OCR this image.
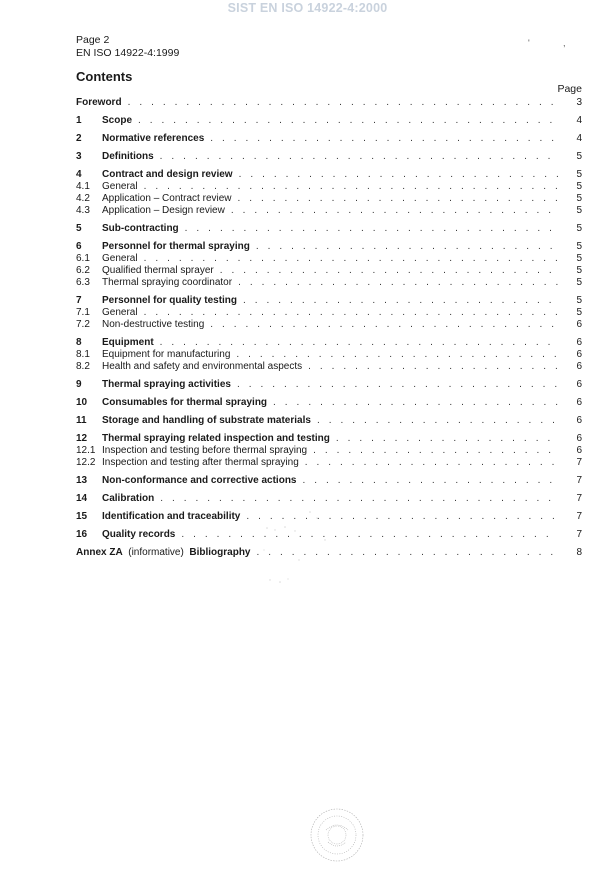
SIST EN ISO 14922-4:2000
Page 2
EN ISO 14922-4:1999
'	,
Contents
Page
Foreword . . .	3
1	Scope . . .	4
2	Normative references . . .	4
3	Definitions . . .	5
4	Contract and design review . . .	5
4.1	General . . .	5
4.2	Application – Contract review . . .	5
4.3	Application – Design review . . .	5
5	Sub-contracting . . .	5
6	Personnel for thermal spraying . . .	5
6.1	General . . .	5
6.2	Qualified thermal sprayer . . .	5
6.3	Thermal spraying coordinator . . .	5
7	Personnel for quality testing . . .	5
7.1	General . . .	5
7.2	Non-destructive testing . . .	6
8	Equipment . . .	6
8.1	Equipment for manufacturing . . .	6
8.2	Health and safety and environmental aspects . . .	6
9	Thermal spraying activities . . .	6
10	Consumables for thermal spraying . . .	6
11	Storage and handling of substrate materials . . .	6
12	Thermal spraying related inspection and testing . . .	6
12.1 Inspection and testing before thermal spraying . . .	6
12.2 Inspection and testing after thermal spraying . . .	7
13	Non-conformance and corrective actions . . .	7
14	Calibration . . .	7
15	Identification and traceability . . .	7
16	Quality records . . .	7
Annex ZA (informative) Bibliography . . .	8
